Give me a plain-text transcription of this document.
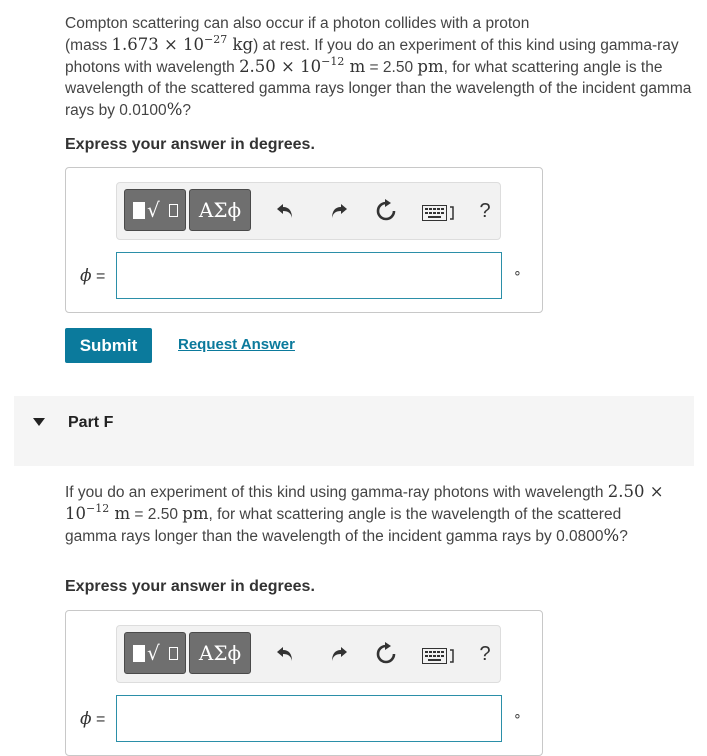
Compton scattering can also occur if a photon collides with a proton
(mass $1.673 \times 10^{-27}$ kg) at rest. If you do an experiment of this kind using gamma-ray photons with wavelength $2.50 \times 10^{-12}$ m = 2.50 pm, for what scattering angle is the wavelength of the scattered gamma rays longer than the wavelength of the incident gamma rays by 0.0100%?
Express your answer in degrees.
√	ΑΣϕ	?
ϕ =	∘
Submit	Request Answer
Part F
If you do an experiment of this kind using gamma-ray photons with wavelength $2.50 \times 10^{-12}$ m = 2.50 pm, for what scattering angle is the wavelength of the scattered gamma rays longer than the wavelength of the incident gamma rays by 0.0800%?
Express your answer in degrees.
√	ΑΣϕ	?
ϕ =	∘
